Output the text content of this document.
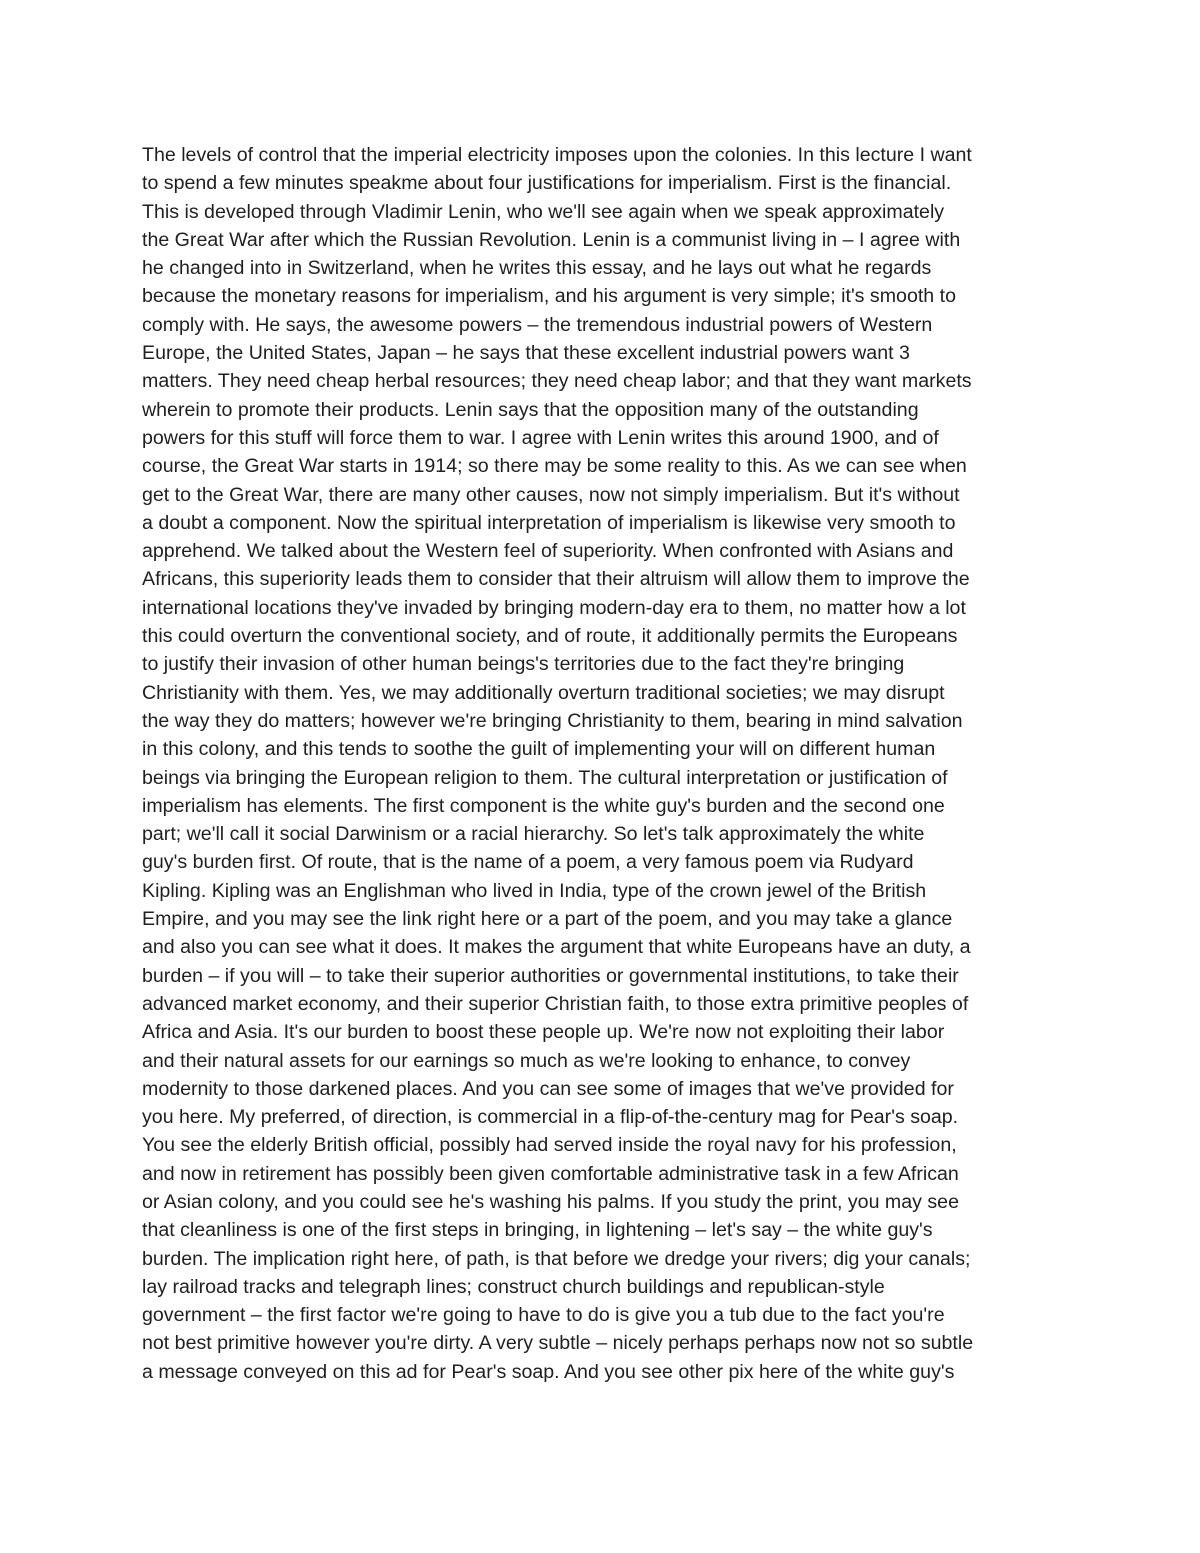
The levels of control that the imperial electricity imposes upon the colonies. In this lecture I want
to spend a few minutes speakme about four justifications for imperialism. First is the financial.
This is developed through Vladimir Lenin, who we'll see again when we speak approximately
the Great War after which the Russian Revolution. Lenin is a communist living in – I agree with
he changed into in Switzerland, when he writes this essay, and he lays out what he regards
because the monetary reasons for imperialism, and his argument is very simple; it's smooth to
comply with. He says, the awesome powers – the tremendous industrial powers of Western
Europe, the United States, Japan – he says that these excellent industrial powers want 3
matters. They need cheap herbal resources; they need cheap labor; and that they want markets
wherein to promote their products. Lenin says that the opposition many of the outstanding
powers for this stuff will force them to war. I agree with Lenin writes this around 1900, and of
course, the Great War starts in 1914; so there may be some reality to this. As we can see when
get to the Great War, there are many other causes, now not simply imperialism. But it's without
a doubt a component. Now the spiritual interpretation of imperialism is likewise very smooth to
apprehend. We talked about the Western feel of superiority. When confronted with Asians and
Africans, this superiority leads them to consider that their altruism will allow them to improve the
international locations they've invaded by bringing modern-day era to them, no matter how a lot
this could overturn the conventional society, and of route, it additionally permits the Europeans
to justify their invasion of other human beings's territories due to the fact they're bringing
Christianity with them. Yes, we may additionally overturn traditional societies; we may disrupt
the way they do matters; however we're bringing Christianity to them, bearing in mind salvation
in this colony, and this tends to soothe the guilt of implementing your will on different human
beings via bringing the European religion to them. The cultural interpretation or justification of
imperialism has elements. The first component is the white guy's burden and the second one
part; we'll call it social Darwinism or a racial hierarchy. So let's talk approximately the white
guy's burden first. Of route, that is the name of a poem, a very famous poem via Rudyard
Kipling. Kipling was an Englishman who lived in India, type of the crown jewel of the British
Empire, and you may see the link right here or a part of the poem, and you may take a glance
and also you can see what it does. It makes the argument that white Europeans have an duty, a
burden – if you will – to take their superior authorities or governmental institutions, to take their
advanced market economy, and their superior Christian faith, to those extra primitive peoples of
Africa and Asia. It's our burden to boost these people up. We're now not exploiting their labor
and their natural assets for our earnings so much as we're looking to enhance, to convey
modernity to those darkened places. And you can see some of images that we've provided for
you here. My preferred, of direction, is commercial in a flip-of-the-century mag for Pear's soap.
You see the elderly British official, possibly had served inside the royal navy for his profession,
and now in retirement has possibly been given comfortable administrative task in a few African
or Asian colony, and you could see he's washing his palms. If you study the print, you may see
that cleanliness is one of the first steps in bringing, in lightening – let's say – the white guy's
burden. The implication right here, of path, is that before we dredge your rivers; dig your canals;
lay railroad tracks and telegraph lines; construct church buildings and republican-style
government – the first factor we're going to have to do is give you a tub due to the fact you're
not best primitive however you're dirty. A very subtle – nicely perhaps perhaps now not so subtle
a message conveyed on this ad for Pear's soap. And you see other pix here of the white guy's
